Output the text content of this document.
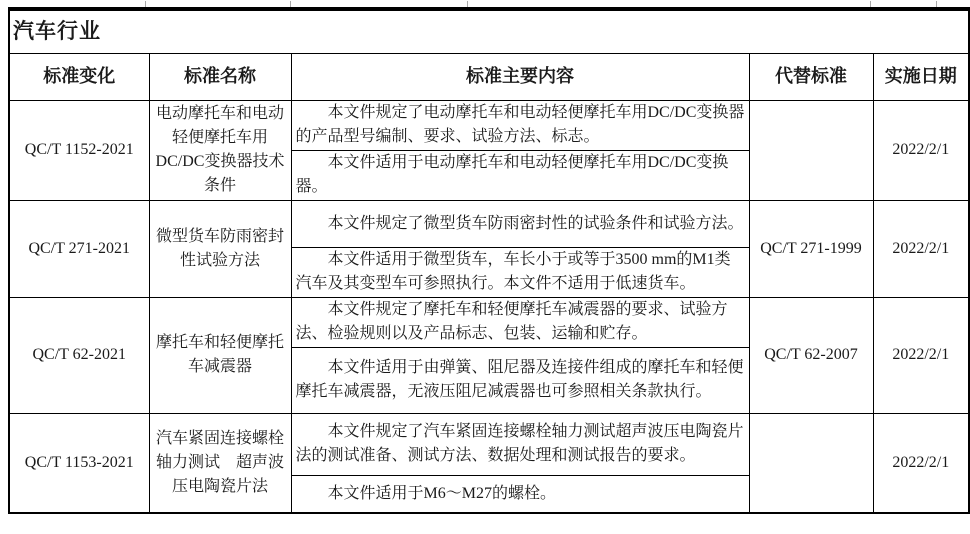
汽车行业				
标准变化	标准名称	标准主要内容	代替标准	实施日期
QC/T 1152-2021	电动摩托车和电动轻便摩托车用DC/DC变换器技术条件	本文件规定了电动摩托车和电动轻便摩托车用DC/DC变换器的产品型号编制、要求、试验方法、标志。		2022/2/1
		本文件适用于电动摩托车和电动轻便摩托车用DC/DC变换器。		
QC/T 271-2021	微型货车防雨密封性试验方法	本文件规定了微型货车防雨密封性的试验条件和试验方法。	QC/T 271-1999	2022/2/1
		本文件适用于微型货车，车长小于或等于3500 mm的M1类汽车及其变型车可参照执行。本文件不适用于低速货车。		
QC/T 62-2021	摩托车和轻便摩托车减震器	本文件规定了摩托车和轻便摩托车减震器的要求、试验方法、检验规则以及产品标志、包装、运输和贮存。	QC/T 62-2007	2022/2/1
		本文件适用于由弹簧、阻尼器及连接件组成的摩托车和轻便摩托车减震器，无液压阻尼减震器也可参照相关条款执行。		
QC/T 1153-2021	汽车紧固连接螺栓轴力测试　超声波压电陶瓷片法	本文件规定了汽车紧固连接螺栓轴力测试超声波压电陶瓷片法的测试准备、测试方法、数据处理和测试报告的要求。		2022/2/1
		本文件适用于M6～M27的螺栓。		
